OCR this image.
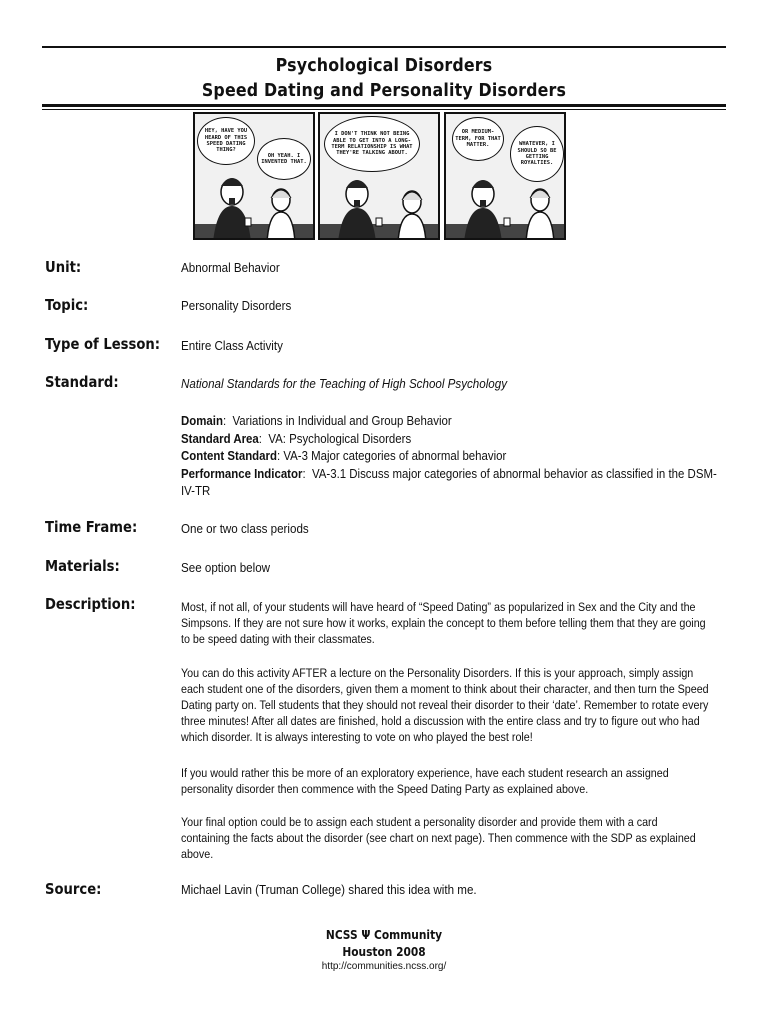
Psychological Disorders
Speed Dating and Personality Disorders
HEY, HAVE YOU HEARD OF THIS SPEED DATING THING?
OH YEAH. I INVENTED THAT.
I DON'T THINK NOT BEING ABLE TO GET INTO A LONG-TERM RELATIONSHIP IS WHAT THEY'RE TALKING ABOUT.
OR MEDIUM-TERM, FOR THAT MATTER.	WHATEVER, I SHOULD SO BE GETTING ROYALTIES.
Unit:	Abnormal Behavior
Topic:	Personality Disorders
Type of Lesson: Entire Class Activity
Standard:	National Standards for the Teaching of High School Psychology
Domain:  Variations in Individual and Group Behavior
Standard Area:  VA: Psychological Disorders
Content Standard: VA-3 Major categories of abnormal behavior
Performance Indicator:  VA-3.1 Discuss major categories of abnormal behavior as classified in the DSM-IV-TR
Time Frame:	One or two class periods
Materials:	See option below
Description:	Most, if not all, of your students will have heard of “Speed Dating” as popularized in Sex and the City and the Simpsons. If they are not sure how it works, explain the concept to them before telling them that they are going to be speed dating with their classmates.
You can do this activity AFTER a lecture on the Personality Disorders. If this is your approach, simply assign each student one of the disorders, given them a moment to think about their character, and then turn the Speed Dating party on. Tell students that they should not reveal their disorder to their ‘date’. Remember to rotate every three minutes! After all dates are finished, hold a discussion with the entire class and try to figure out who had which disorder. It is always interesting to vote on who played the best role!
If you would rather this be more of an exploratory experience, have each student research an assigned personality disorder then commence with the Speed Dating Party as explained above.
Your final option could be to assign each student a personality disorder and provide them with a card containing the facts about the disorder (see chart on next page). Then commence with the SDP as explained above.
Source:	Michael Lavin (Truman College) shared this idea with me.
NCSS Ψ Community
Houston 2008
http://communities.ncss.org/
